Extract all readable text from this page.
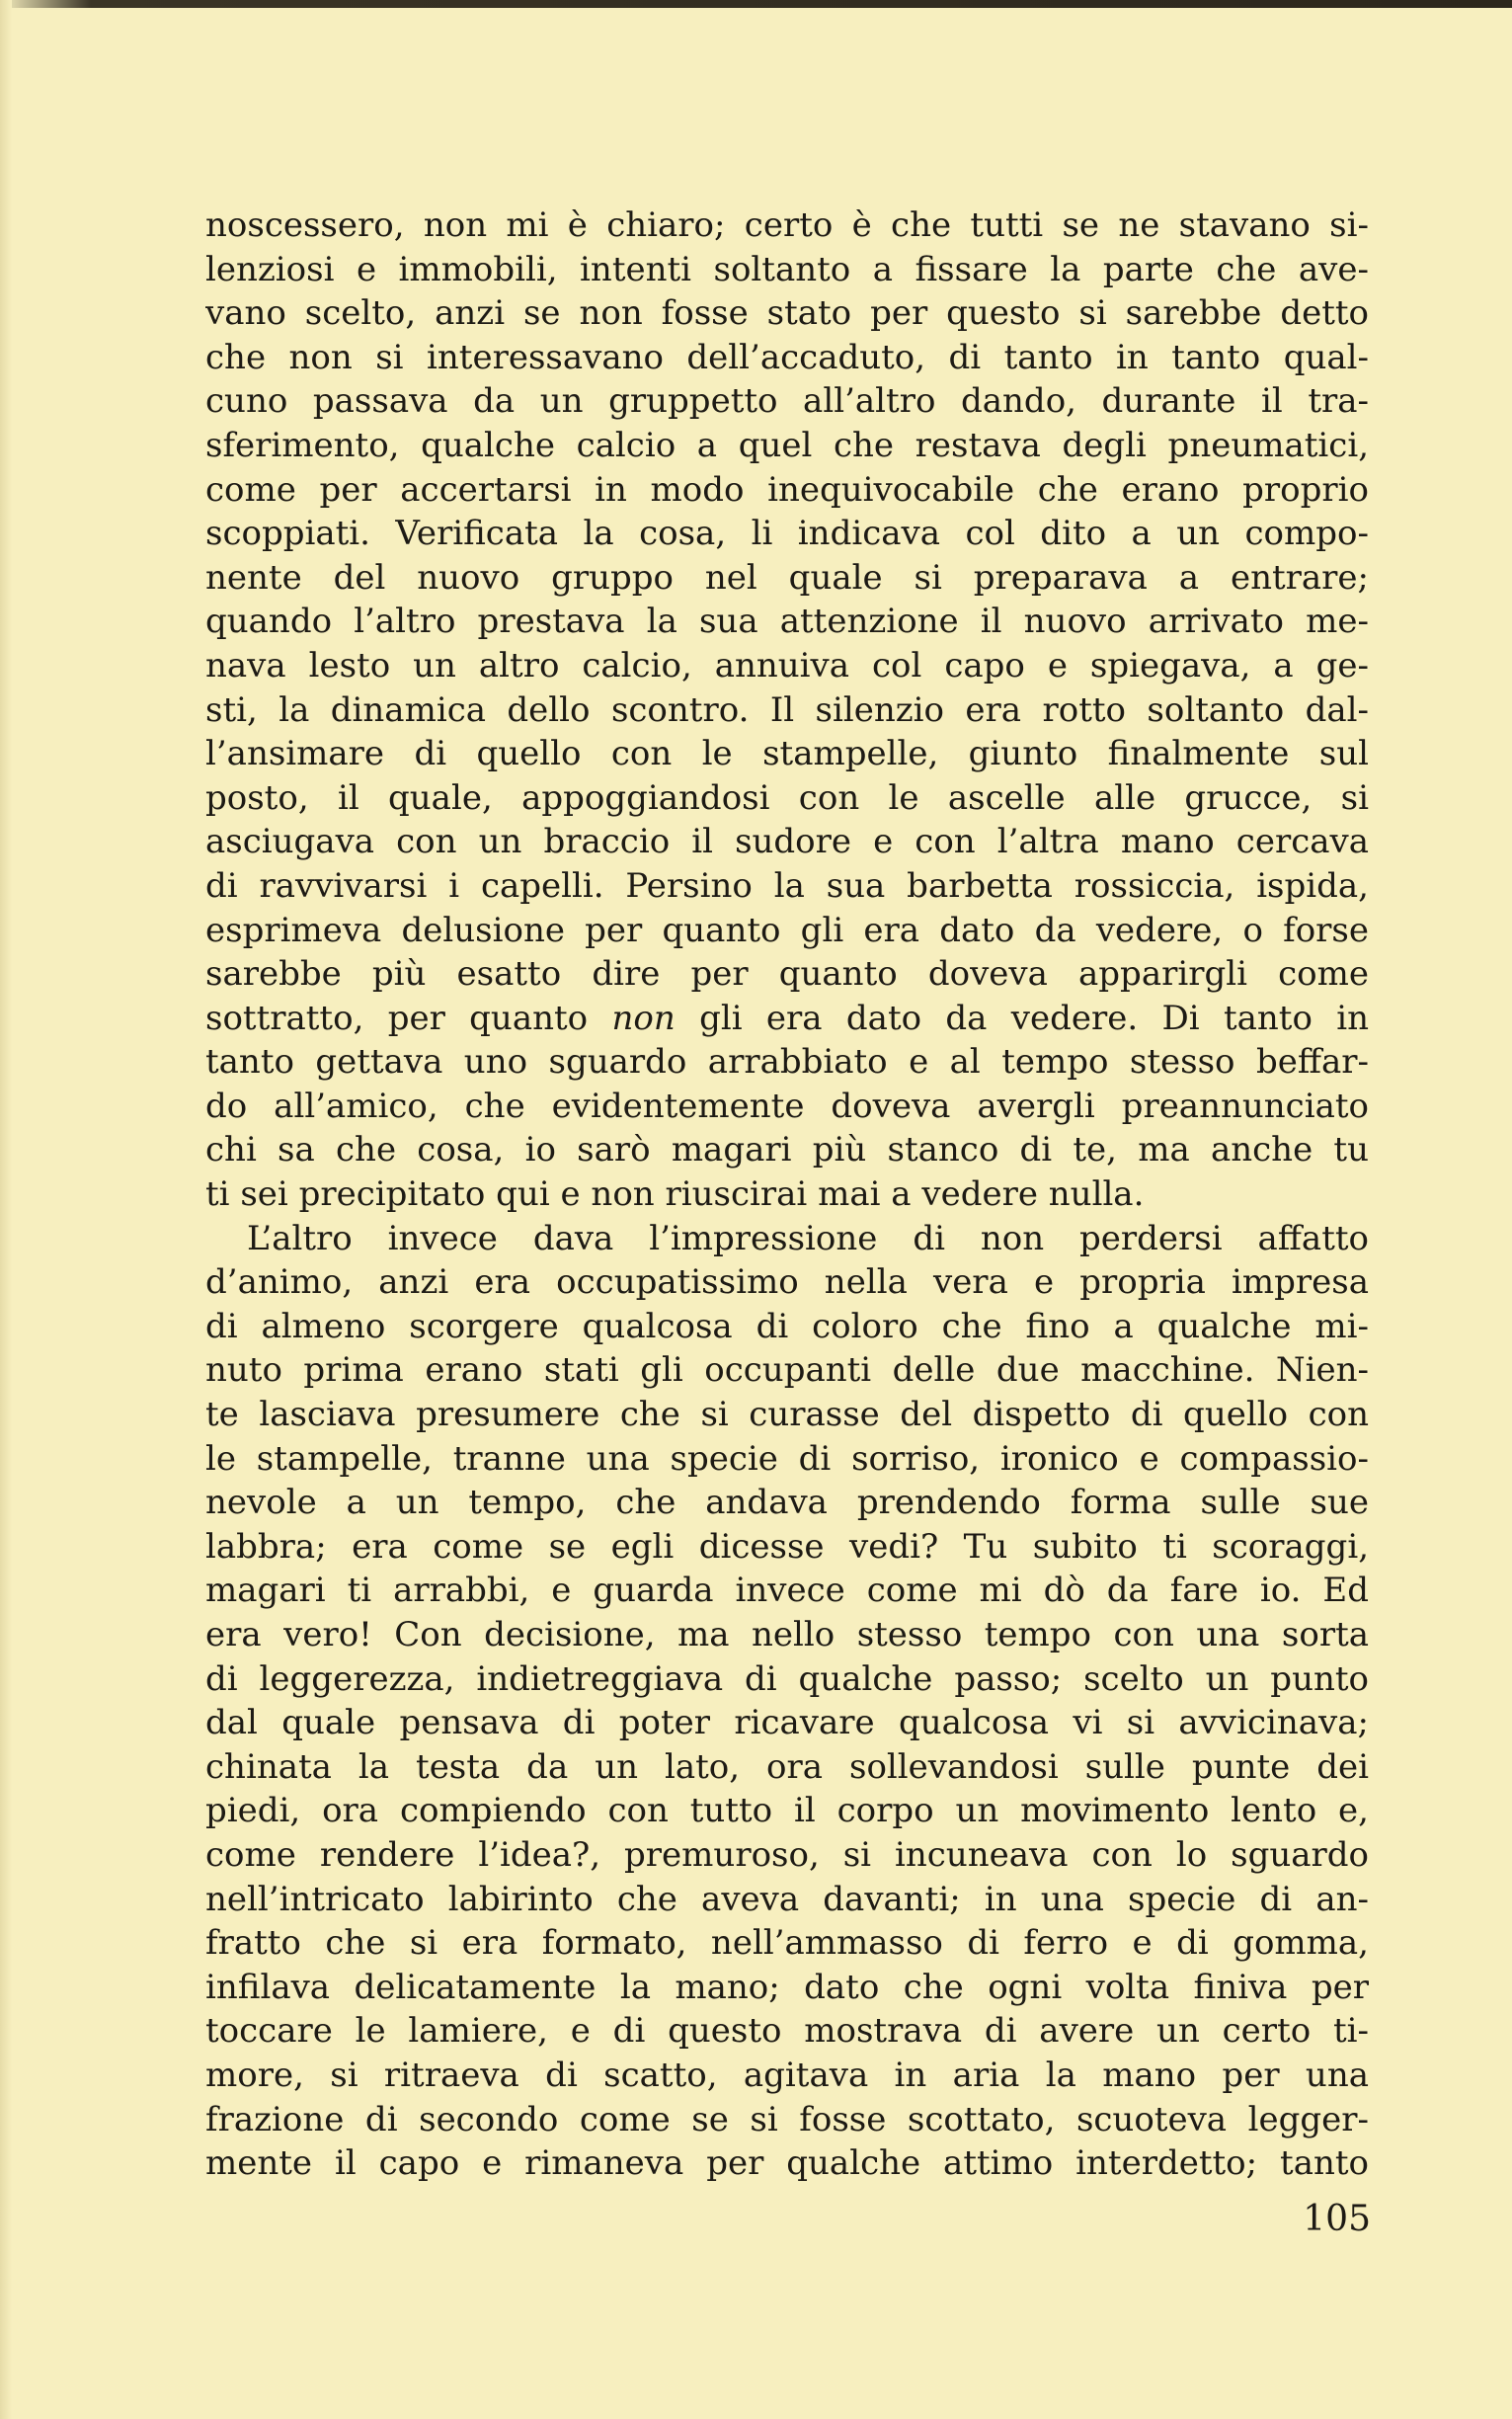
noscessero, non mi è chiaro; certo è che tutti se ne stavano si-
lenziosi e immobili, intenti soltanto a fissare la parte che ave-
vano scelto, anzi se non fosse stato per questo si sarebbe detto
che non si interessavano dell’accaduto, di tanto in tanto qual-
cuno passava da un gruppetto all’altro dando, durante il tra-
sferimento, qualche calcio a quel che restava degli pneumatici,
come per accertarsi in modo inequivocabile che erano proprio
scoppiati. Verificata la cosa, li indicava col dito a un compo-
nente del nuovo gruppo nel quale si preparava a entrare;
quando l’altro prestava la sua attenzione il nuovo arrivato me-
nava lesto un altro calcio, annuiva col capo e spiegava, a ge-
sti, la dinamica dello scontro. Il silenzio era rotto soltanto dal-
l’ansimare di quello con le stampelle, giunto finalmente sul
posto, il quale, appoggiandosi con le ascelle alle grucce, si
asciugava con un braccio il sudore e con l’altra mano cercava
di ravvivarsi i capelli. Persino la sua barbetta rossiccia, ispida,
esprimeva delusione per quanto gli era dato da vedere, o forse
sarebbe più esatto dire per quanto doveva apparirgli come
sottratto, per quanto non gli era dato da vedere. Di tanto in
tanto gettava uno sguardo arrabbiato e al tempo stesso beffar-
do all’amico, che evidentemente doveva avergli preannunciato
chi sa che cosa, io sarò magari più stanco di te, ma anche tu
ti sei precipitato qui e non riuscirai mai a vedere nulla.
L’altro invece dava l’impressione di non perdersi affatto
d’animo, anzi era occupatissimo nella vera e propria impresa
di almeno scorgere qualcosa di coloro che fino a qualche mi-
nuto prima erano stati gli occupanti delle due macchine. Nien-
te lasciava presumere che si curasse del dispetto di quello con
le stampelle, tranne una specie di sorriso, ironico e compassio-
nevole a un tempo, che andava prendendo forma sulle sue
labbra; era come se egli dicesse vedi? Tu subito ti scoraggi,
magari ti arrabbi, e guarda invece come mi dò da fare io. Ed
era vero! Con decisione, ma nello stesso tempo con una sorta
di leggerezza, indietreggiava di qualche passo; scelto un punto
dal quale pensava di poter ricavare qualcosa vi si avvicinava;
chinata la testa da un lato, ora sollevandosi sulle punte dei
piedi, ora compiendo con tutto il corpo un movimento lento e,
come rendere l’idea?, premuroso, si incuneava con lo sguardo
nell’intricato labirinto che aveva davanti; in una specie di an-
fratto che si era formato, nell’ammasso di ferro e di gomma,
infilava delicatamente la mano; dato che ogni volta finiva per
toccare le lamiere, e di questo mostrava di avere un certo ti-
more, si ritraeva di scatto, agitava in aria la mano per una
frazione di secondo come se si fosse scottato, scuoteva legger-
mente il capo e rimaneva per qualche attimo interdetto; tanto
105
